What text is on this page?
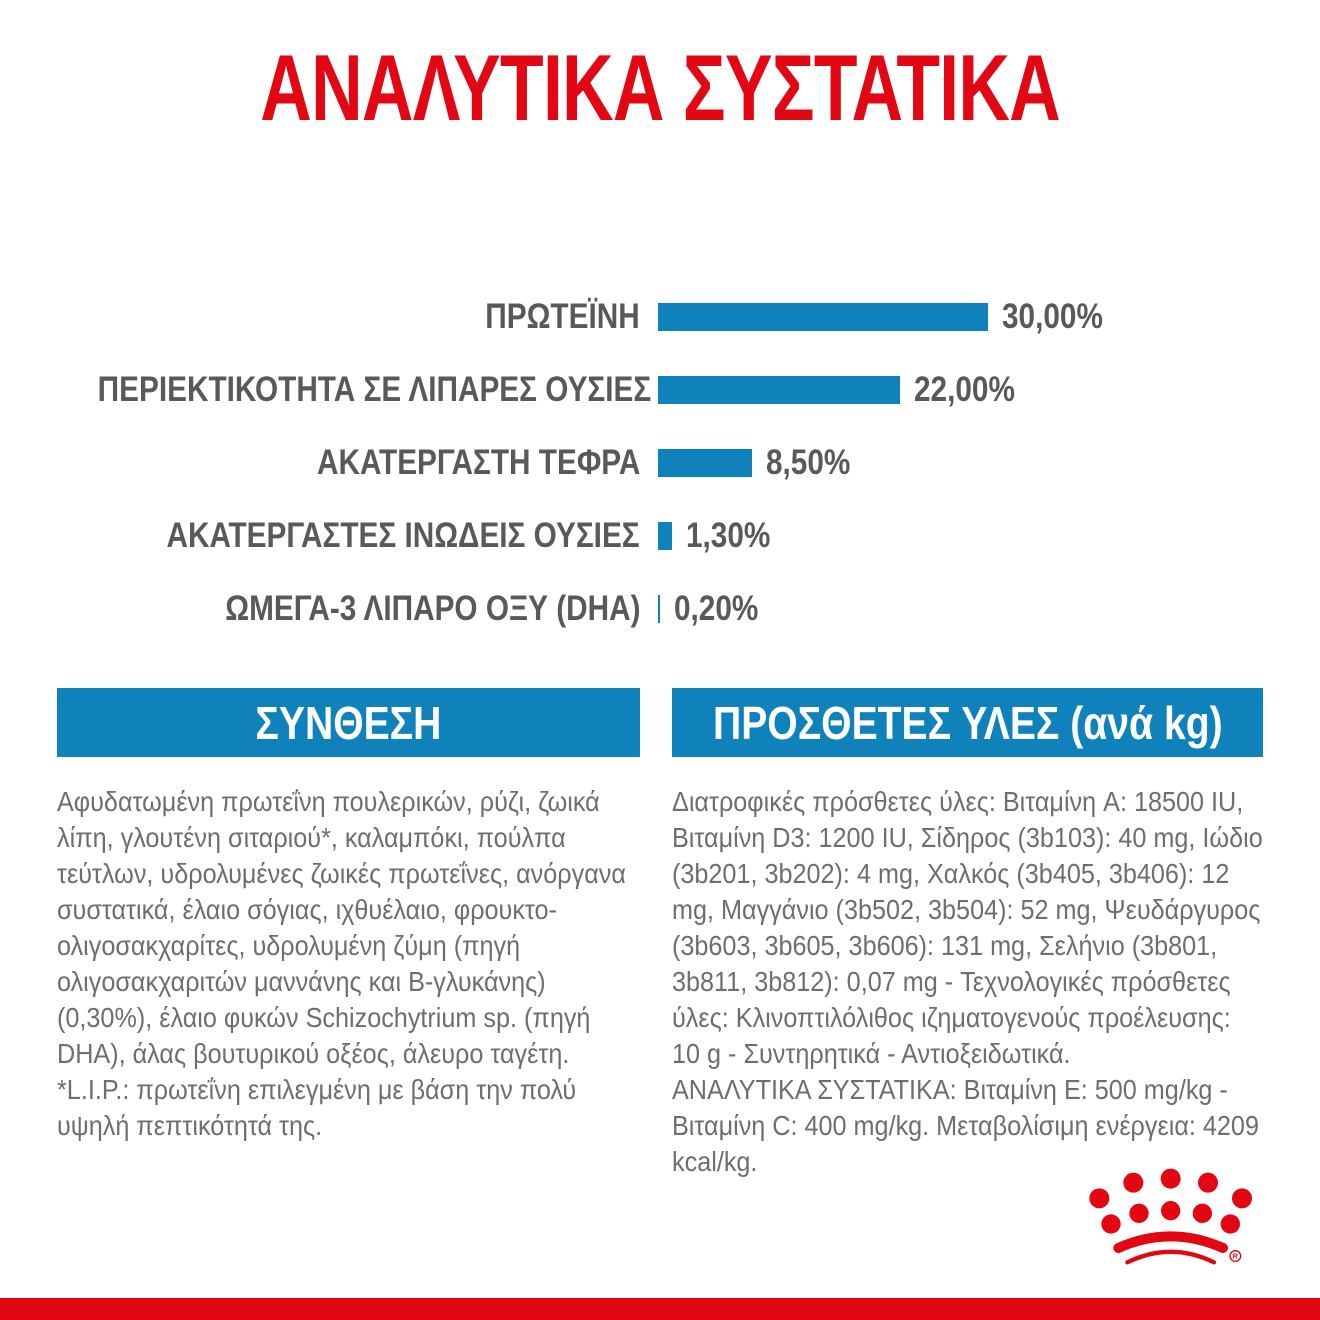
ΑΝΑΛΥΤΙΚΑ ΣΥΣΤΑΤΙΚΑ
ΠΡΩΤΕΪΝΗ	30,00%
ΠΕΡΙΕΚΤΙΚΟΤΗΤΑ ΣΕ ΛΙΠΑΡΕΣ ΟΥΣΙΕΣ	22,00%
ΑΚΑΤΕΡΓΑΣΤΗ ΤΕΦΡΑ	8,50%
ΑΚΑΤΕΡΓΑΣΤΕΣ ΙΝΩΔΕΙΣ ΟΥΣΙΕΣ 1,30%
ΩΜΕΓΑ-3 ΛΙΠΑΡΟ ΟΞΥ (DHA) 0,20%
ΣΥΝΘΕΣΗ
Αφυδατωμένη πρωτεΐνη πουλερικών, ρύζι, ζωικά λίπη, γλουτένη σιταριού*, καλαμπόκι, πούλπα τεύτλων, υδρολυμένες ζωικές πρωτεΐνες, ανόργανα συστατικά, έλαιο σόγιας, ιχθυέλαιο, φρουκτο-ολιγοσακχαρίτες, υδρολυμένη ζύμη (πηγή ολιγοσακχαριτών μαννάνης και Β-γλυκάνης) (0,30%), έλαιο φυκών Schizochytrium sp. (πηγή DHA), άλας βουτυρικού οξέος, άλευρο ταγέτη.
*L.I.P.: πρωτεΐνη επιλεγμένη με βάση την πολύ υψηλή πεπτικότητά της.
ΠΡΟΣΘΕΤΕΣ ΥΛΕΣ (ανά kg)
Διατροφικές πρόσθετες ύλες: Βιταμίνη A: 18500 IU, Βιταμίνη D3: 1200 IU, Σίδηρος (3b103): 40 mg, Ιώδιο (3b201, 3b202): 4 mg, Χαλκός (3b405, 3b406): 12 mg, Μαγγάνιο (3b502, 3b504): 52 mg, Ψευδάργυρος (3b603, 3b605, 3b606): 131 mg, Σελήνιο (3b801, 3b811, 3b812): 0,07 mg - Τεχνολογικές πρόσθετες ύλες: Κλινοπτιλόλιθος ιζηματογενούς προέλευσης: 10 g - Συντηρητικά - Αντιοξειδωτικά.
ΑΝΑΛΥΤΙΚΑ ΣΥΣΤΑΤΙΚΑ: Βιταμίνη E: 500 mg/kg - Βιταμίνη C: 400 mg/kg. Μεταβολίσιμη ενέργεια: 4209 kcal/kg.
R
